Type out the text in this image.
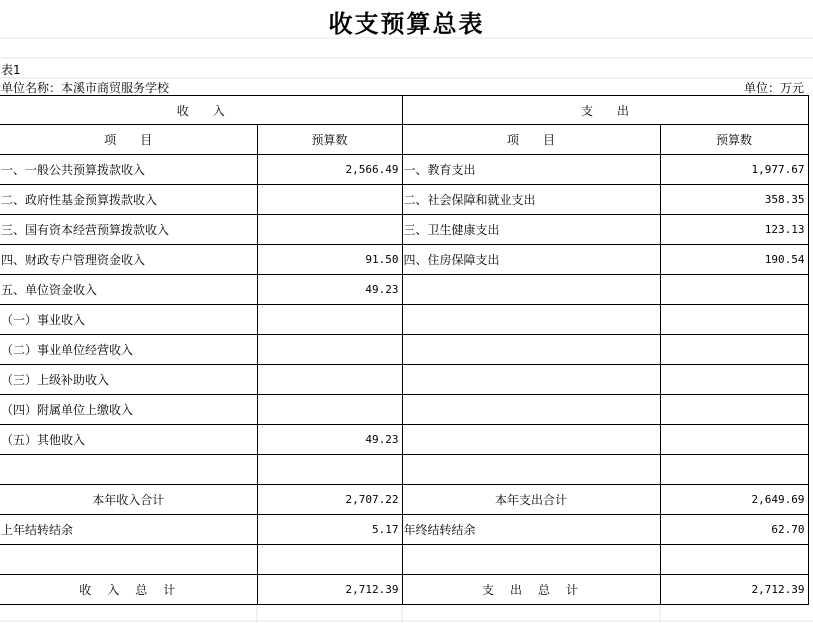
收支预算总表
表1
单位名称：本溪市商贸服务学校	单位：万元
收　　入		支　　出	
项　　目	预算数	项　　目	预算数
一、一般公共预算拨款收入	2,566.49	一、教育支出	1,977.67
二、政府性基金预算拨款收入		二、社会保障和就业支出	358.35
三、国有资本经营预算拨款收入		三、卫生健康支出	123.13
四、财政专户管理资金收入	91.50	四、住房保障支出	190.54
五、单位资金收入	49.23		
（一）事业收入			
（二）事业单位经营收入			
（三）上级补助收入			
（四）附属单位上缴收入			
（五）其他收入	49.23		

本年收入合计	2,707.22	本年支出合计	2,649.69
上年结转结余	5.17	年终结转结余	62.70

收　入　总　计	2,712.39	支　出　总　计	2,712.39
